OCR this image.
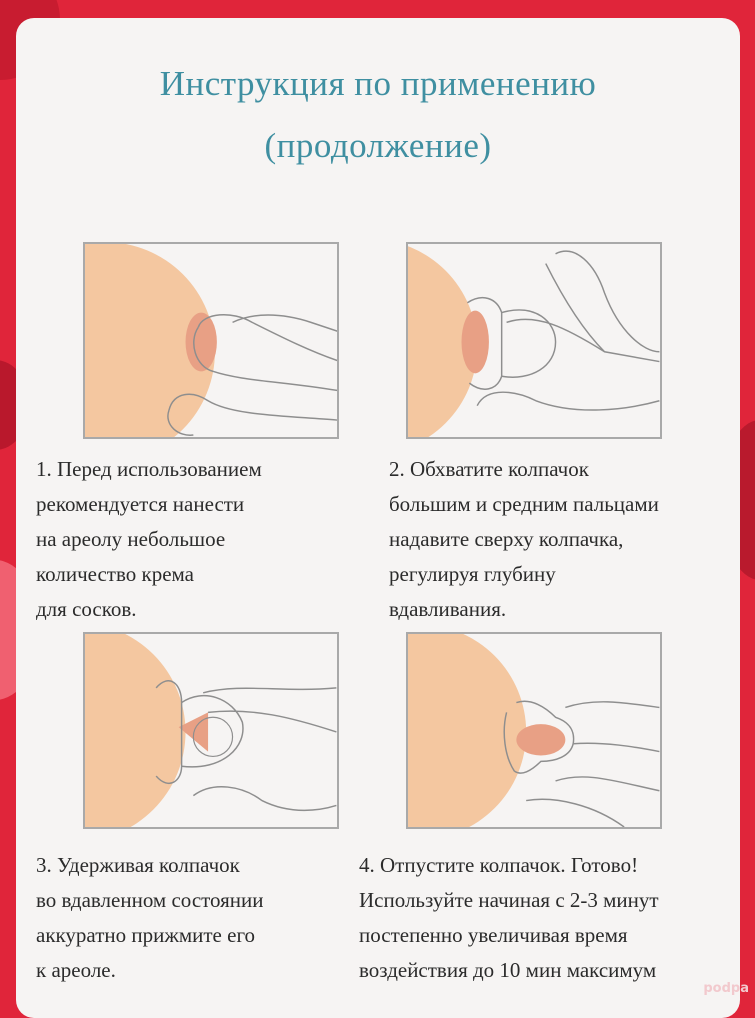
Инструкция по применению
(продолжение)

1. Перед использованием
рекомендуется нанести
на ареолу небольшое
количество крема
для сосков.

2. Обхватите колпачок
большим и средним пальцами
надавите сверху колпачка,
регулируя глубину
вдавливания.

3. Удерживая колпачок
во вдавленном состоянии
аккуратно прижмите его
к ареоле.

4. Отпустите колпачок. Готово!
Используйте начиная с 2-3 минут
постепенно увеличивая время
воздействия до 10 мин максимум

podpa
